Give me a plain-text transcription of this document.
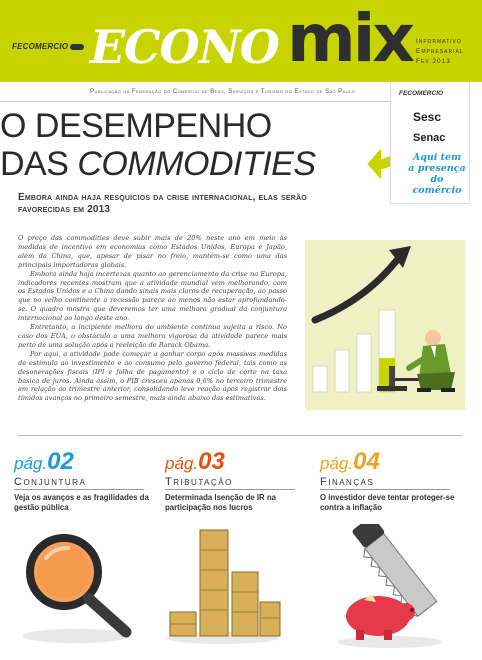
FECOMERCIO ECONO mix Informativo
Empresarial
Fev 2013
Publicação da Federação do Comércio de Bens, Serviços e Turismo do Estado de São Paulo	FECOMERCIO
Sesc
Senac
Aqui tem
a presença
do comércio
O DESEMPENHO
DAS COMMODITIES
Embora ainda haja resquícios da crise internacional, elas serão favorecidas em 2013

O preço das commodities deve subir mais de 20% neste ano em meio às medidas de incentivo em economias como Estados Unidos, Europa e Japão, além da China, que, apesar de pisar no freio, mantém-se como uma das principais importadoras globais.

Embora ainda haja incertezas quanto ao gerenciamento da crise na Europa, indicadores recentes mostram que a atividade mundial vem melhorando, com os Estados Unidos e a China dando sinais mais claros de recuperação, ao passo que no velho continente a recessão parece ao menos não estar aprofundando-se. O quadro mostra que deveremos ter uma melhora gradual da conjuntura internacional ao longo deste ano.

Entretanto, a incipiente melhora do ambiente continua sujeita a risco. No caso dos EUA, o obstáculo a uma melhora vigorosa da atividade parece mais perto de uma solução após a reeleição de Barack Obama.

Por aqui, a atividade pode começar a ganhar corpo após massivas medidas de estímulo ao investimento e ao consumo pelo governo federal, tais como as desonerações fiscais (IPI e folha de pagamento) e o ciclo de corte na taxa básica de juros. Ainda assim, o PIB cresceu apenas 0,6% no terceiro trimestre em relação ao trimestre anterior, consolidando leve reação após registrar dois tímidos avanços no primeiro semestre, mais ainda abaixo das estimativas.

pág.02
Conjuntura
Veja os avanços e as fragilidades da gestão pública
pág.03
Tributação
Determinada lsenção de IR na participação nos lucros
pág.04
Finanças
O investidor deve tentar proteger-se contra a inflação
